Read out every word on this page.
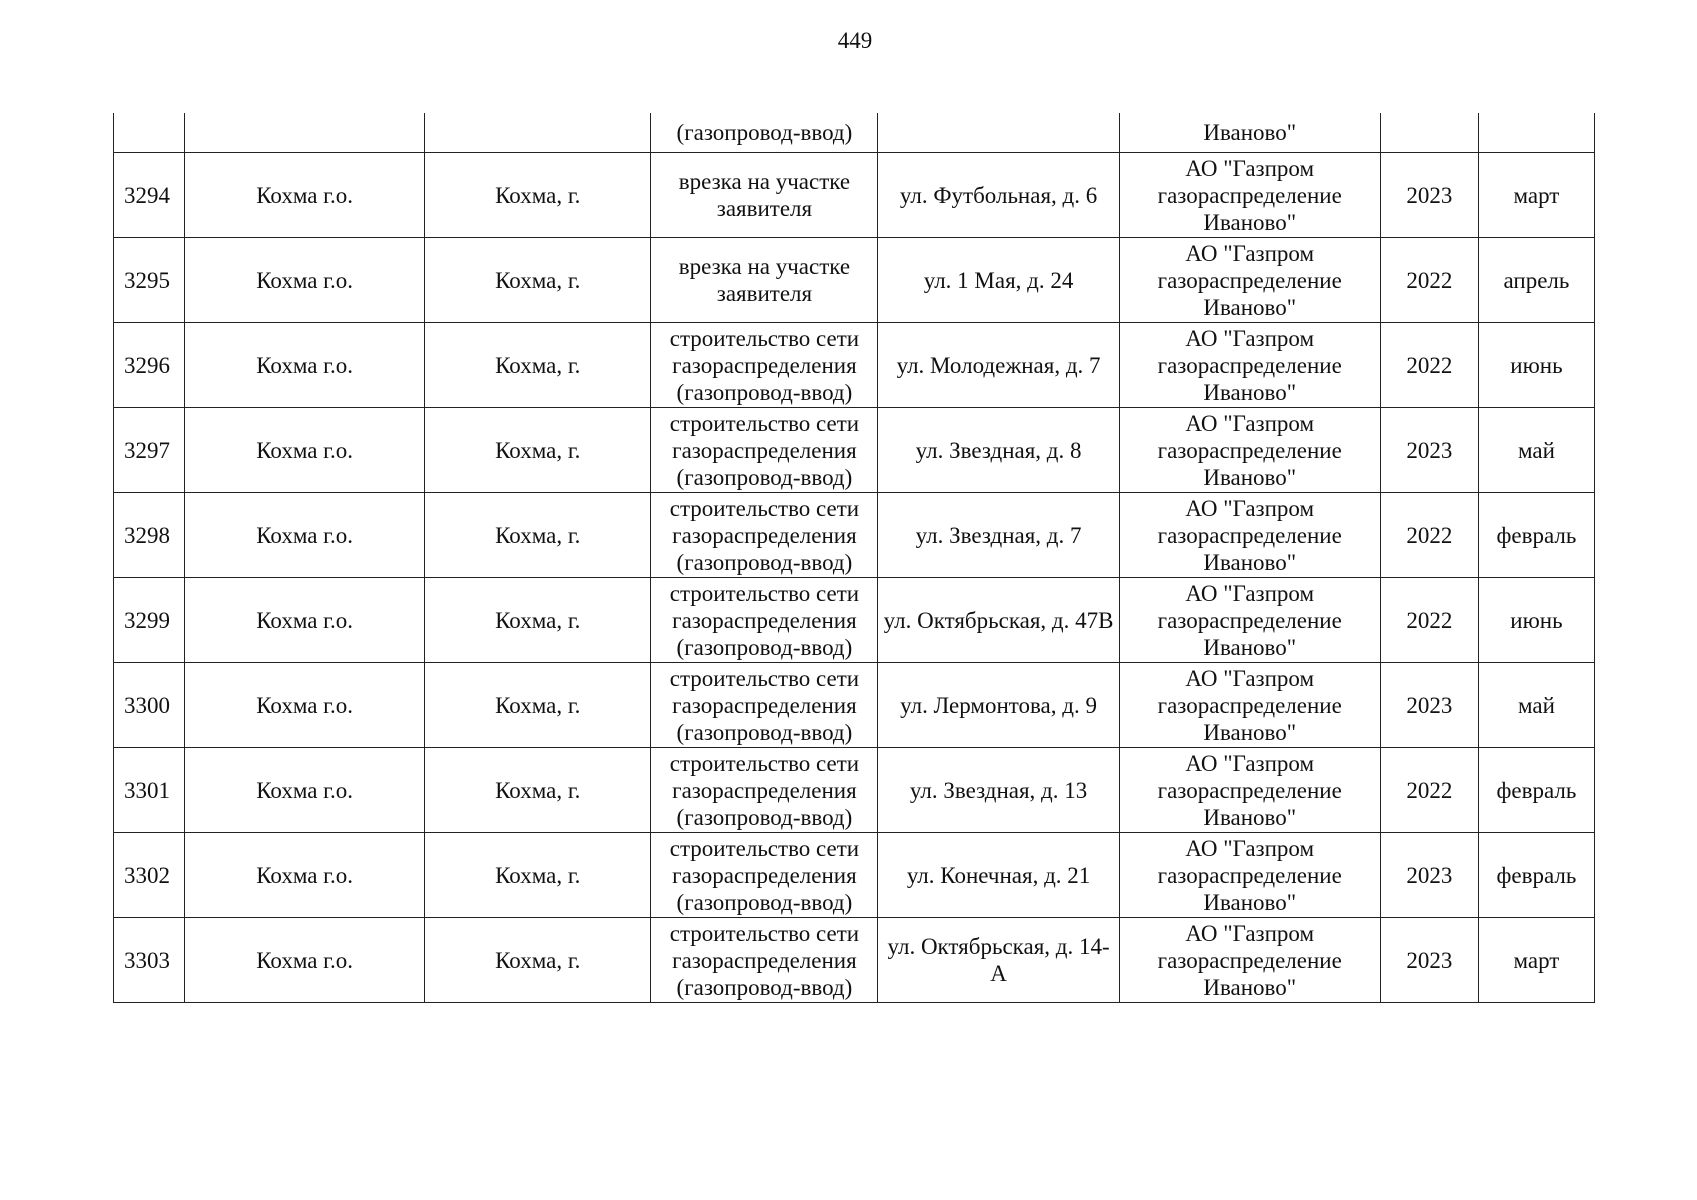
449
			(газопровод-ввод)		Иваново"		
3294	Кохма г.о.	Кохма, г.	врезка на участке заявителя	ул. Футбольная, д. 6	АО "Газпром газораспределение Иваново"	2023	март
3295	Кохма г.о.	Кохма, г.	врезка на участке заявителя	ул. 1 Мая, д. 24	АО "Газпром газораспределение Иваново"	2022	апрель
3296	Кохма г.о.	Кохма, г.	строительство сети газораспределения (газопровод-ввод)	ул. Молодежная, д. 7	АО "Газпром газораспределение Иваново"	2022	июнь
3297	Кохма г.о.	Кохма, г.	строительство сети газораспределения (газопровод-ввод)	ул. Звездная, д. 8	АО "Газпром газораспределение Иваново"	2023	май
3298	Кохма г.о.	Кохма, г.	строительство сети газораспределения (газопровод-ввод)	ул. Звездная, д. 7	АО "Газпром газораспределение Иваново"	2022	февраль
3299	Кохма г.о.	Кохма, г.	строительство сети газораспределения (газопровод-ввод)	ул. Октябрьская, д. 47В	АО "Газпром газораспределение Иваново"	2022	июнь
3300	Кохма г.о.	Кохма, г.	строительство сети газораспределения (газопровод-ввод)	ул. Лермонтова, д. 9	АО "Газпром газораспределение Иваново"	2023	май
3301	Кохма г.о.	Кохма, г.	строительство сети газораспределения (газопровод-ввод)	ул. Звездная, д. 13	АО "Газпром газораспределение Иваново"	2022	февраль
3302	Кохма г.о.	Кохма, г.	строительство сети газораспределения (газопровод-ввод)	ул. Конечная, д. 21	АО "Газпром газораспределение Иваново"	2023	февраль
3303	Кохма г.о.	Кохма, г.	строительство сети газораспределения (газопровод-ввод)	ул. Октябрьская, д. 14-А	АО "Газпром газораспределение Иваново"	2023	март
